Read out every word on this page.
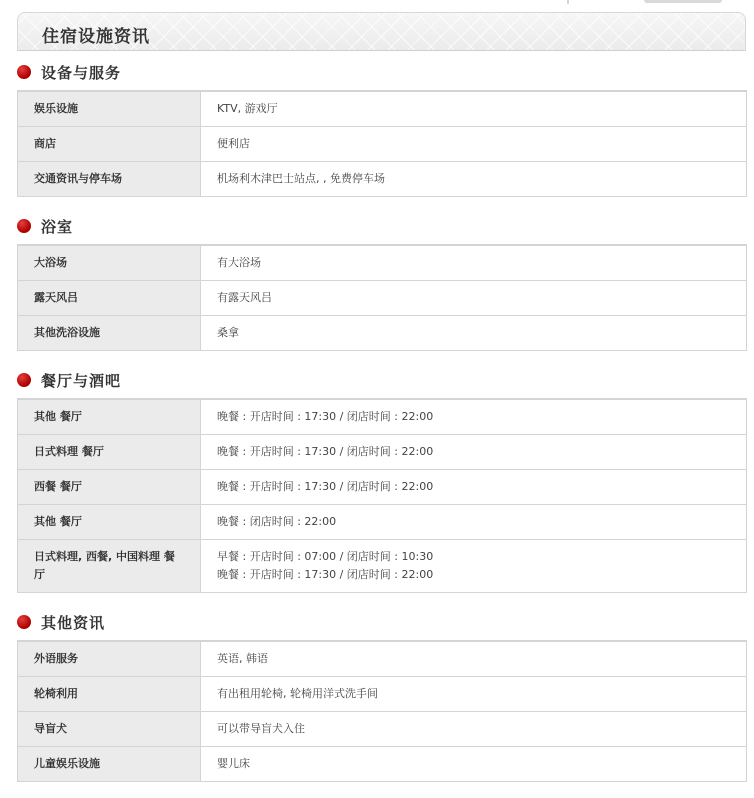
住宿设施资讯
设备与服务
娱乐设施	KTV, 游戏厅
商店	便利店
交通资讯与停车场	机场利木津巴士站点, , 免费停车场
浴室
大浴场	有大浴场
露天风吕	有露天风吕
其他洗浴设施	桑拿
餐厅与酒吧
其他 餐厅	晚餐 : 开店时间 : 17:30 / 闭店时间 : 22:00
日式料理 餐厅	晚餐 : 开店时间 : 17:30 / 闭店时间 : 22:00
西餐 餐厅	晚餐 : 开店时间 : 17:30 / 闭店时间 : 22:00
其他 餐厅	晚餐 : 闭店时间 : 22:00
日式料理, 西餐, 中国料理 餐厅	早餐 : 开店时间 : 07:00 / 闭店时间 : 10:30
晚餐 : 开店时间 : 17:30 / 闭店时间 : 22:00
其他资讯
外语服务	英语, 韩语
轮椅利用	有出租用轮椅, 轮椅用洋式洗手间
导盲犬	可以带导盲犬入住
儿童娱乐设施	婴儿床
